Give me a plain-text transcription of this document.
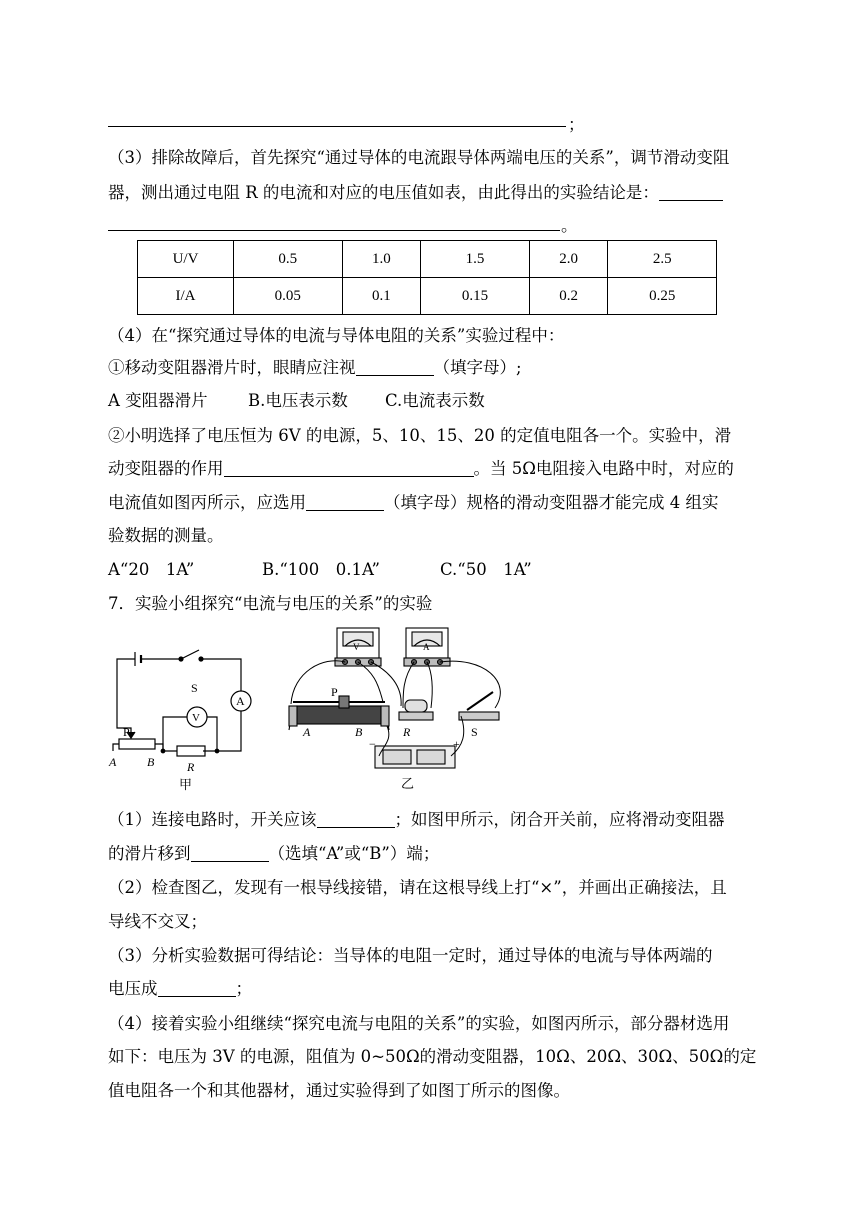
；
（3）排除故障后，首先探究“通过导体的电流跟导体两端电压的关系”，调节滑动变阻
器，测出通过电阻 R 的电流和对应的电压值如表，由此得出的实验结论是：
。
U/V	0.5	1.0	1.5	2.0	2.5
I/A	0.05	0.1	0.15	0.2	0.25
（4）在“探究通过导体的电流与导体电阻的关系”实验过程中：
①移动变阻器滑片时，眼睛应注视	（填字母）;
A 变阻器滑片 B.电压表示数 C.电流表示数
②小明选择了电压恒为 6V 的电源，5、10、15、20 的定值电阻各一个。实验中，滑
动变阻器的作用	。当 5Ω电阻接入电路中时，对应的
电流值如图丙所示，应选用	（填字母）规格的滑动变阻器才能完成 4 组实
验数据的测量。
A“20　1A”	B.“100　0.1A”	C.“50　1A”
7．实验小组探究“电流与电压的关系”的实验
S
A
V
P
A	B	R
甲
V	A
P
A	B	R	S
−	+
乙
（1）连接电路时，开关应该	；如图甲所示，闭合开关前，应将滑动变阻器
的滑片移到	（选填“A”或“B”）端；
（2）检查图乙，发现有一根导线接错，请在这根导线上打“×”，并画出正确接法，且
导线不交叉；
（3）分析实验数据可得结论：当导体的电阻一定时，通过导体的电流与导体两端的
电压成	；
（4）接着实验小组继续“探究电流与电阻的关系”的实验，如图丙所示，部分器材选用
如下：电压为 3V 的电源，阻值为 0~50Ω的滑动变阻器，10Ω、20Ω、30Ω、50Ω的定
值电阻各一个和其他器材，通过实验得到了如图丁所示的图像。
